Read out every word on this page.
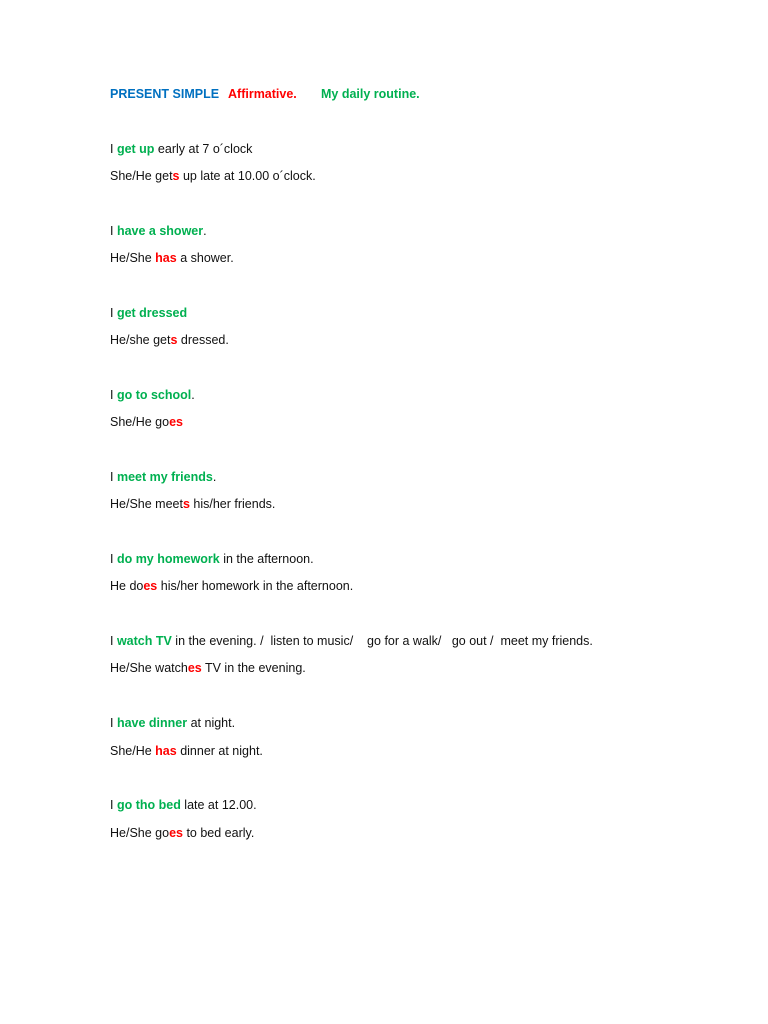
PRESENT SIMPLE Affirmative. My daily routine.
I get up early at 7 o´clock
She/He gets up late at 10.00 o´clock.
I have a shower.
He/She has a shower.
I get dressed
He/she gets dressed.
I go to school.
She/He goes
I meet my friends.
He/She meets his/her friends.
I do my homework in the afternoon.
He does his/her homework in the afternoon.
I watch TV in the evening. /  listen to music/    go for a walk/   go out /  meet my friends.
He/She watches TV in the evening.
I have dinner at night.
She/He has dinner at night.
I go tho bed late at 12.00.
He/She goes to bed early.
